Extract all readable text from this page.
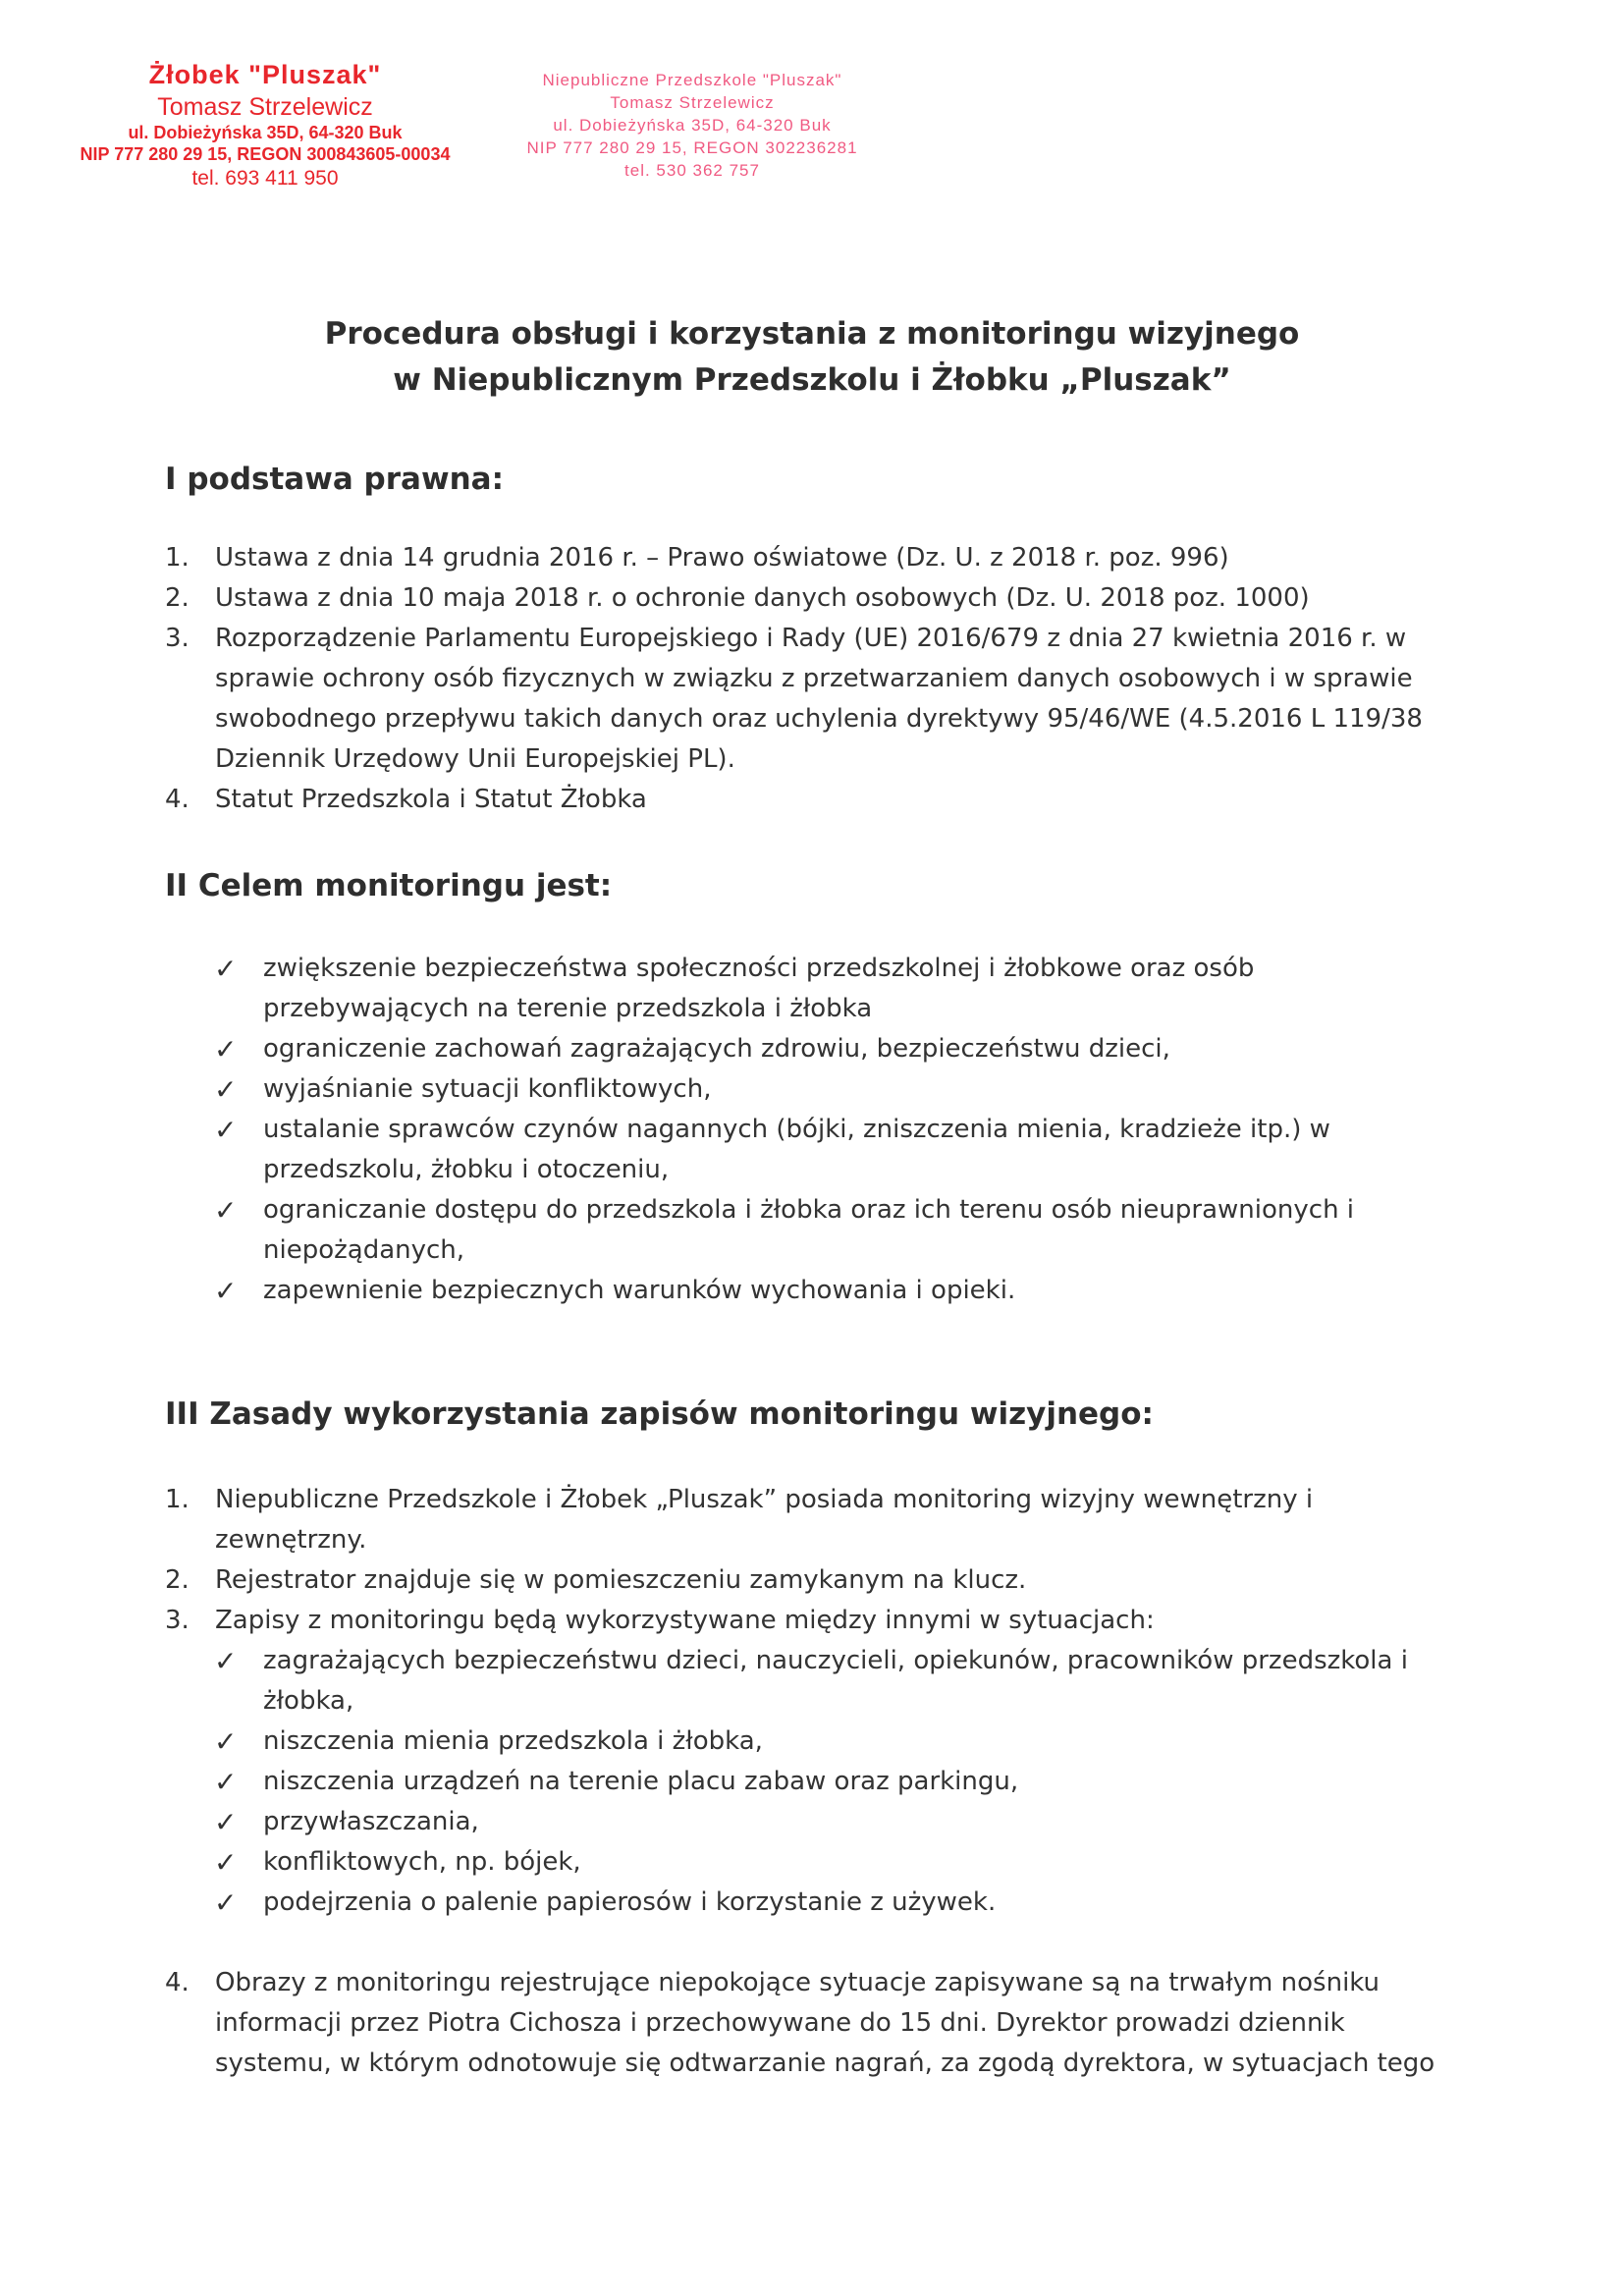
Żłobek "Pluszak"
Tomasz Strzelewicz
ul. Dobieżyńska 35D, 64-320 Buk
NIP 777 280 29 15, REGON 300843605-00034
tel. 693 411 950
Niepubliczne Przedszkole "Pluszak"
Tomasz Strzelewicz
ul. Dobieżyńska 35D, 64-320 Buk
NIP 777 280 29 15, REGON 302236281
tel. 530 362 757
Procedura obsługi i korzystania z monitoringu wizyjnego
w Niepublicznym Przedszkolu i Żłobku „Pluszak”
I podstawa prawna:
II Celem monitoringu jest:
III Zasady wykorzystania zapisów monitoringu wizyjnego:
1.	Ustawa z dnia 14 grudnia 2016 r. – Prawo oświatowe (Dz. U. z 2018 r. poz. 996)
2.	Ustawa z dnia 10 maja 2018 r. o ochronie danych osobowych (Dz. U. 2018 poz. 1000)
3.	Rozporządzenie Parlamentu Europejskiego i Rady (UE) 2016/679 z dnia 27 kwietnia 2016 r. w
sprawie ochrony osób fizycznych w związku z przetwarzaniem danych osobowych i w sprawie
swobodnego przepływu takich danych oraz uchylenia dyrektywy 95/46/WE (4.5.2016 L 119/38
Dziennik Urzędowy Unii Europejskiej PL).
4.	Statut Przedszkola i Statut Żłobka
✓ zwiększenie bezpieczeństwa społeczności przedszkolnej i żłobkowe oraz osób
przebywających na terenie przedszkola i żłobka
✓ ograniczenie zachowań zagrażających zdrowiu, bezpieczeństwu dzieci,
✓ wyjaśnianie sytuacji konfliktowych,
✓ ustalanie sprawców czynów nagannych (bójki, zniszczenia mienia, kradzieże itp.) w
przedszkolu, żłobku i otoczeniu,
✓ ograniczanie dostępu do przedszkola i żłobka oraz ich terenu osób nieuprawnionych i
niepożądanych,
✓ zapewnienie bezpiecznych warunków wychowania i opieki.
1.	Niepubliczne Przedszkole i Żłobek „Pluszak” posiada monitoring wizyjny wewnętrzny i
zewnętrzny.
2.	Rejestrator znajduje się w pomieszczeniu zamykanym na klucz.
3.	Zapisy z monitoringu będą wykorzystywane między innymi w sytuacjach:
✓ zagrażających bezpieczeństwu dzieci, nauczycieli, opiekunów, pracowników przedszkola i
żłobka,
✓ niszczenia mienia przedszkola i żłobka,
✓ niszczenia urządzeń na terenie placu zabaw oraz parkingu,
✓ przywłaszczania,
✓ konfliktowych, np. bójek,
✓ podejrzenia o palenie papierosów i korzystanie z używek.
4.	Obrazy z monitoringu rejestrujące niepokojące sytuacje zapisywane są na trwałym nośniku
informacji przez Piotra Cichosza i przechowywane do 15 dni. Dyrektor prowadzi dziennik
systemu, w którym odnotowuje się odtwarzanie nagrań, za zgodą dyrektora, w sytuacjach tego
